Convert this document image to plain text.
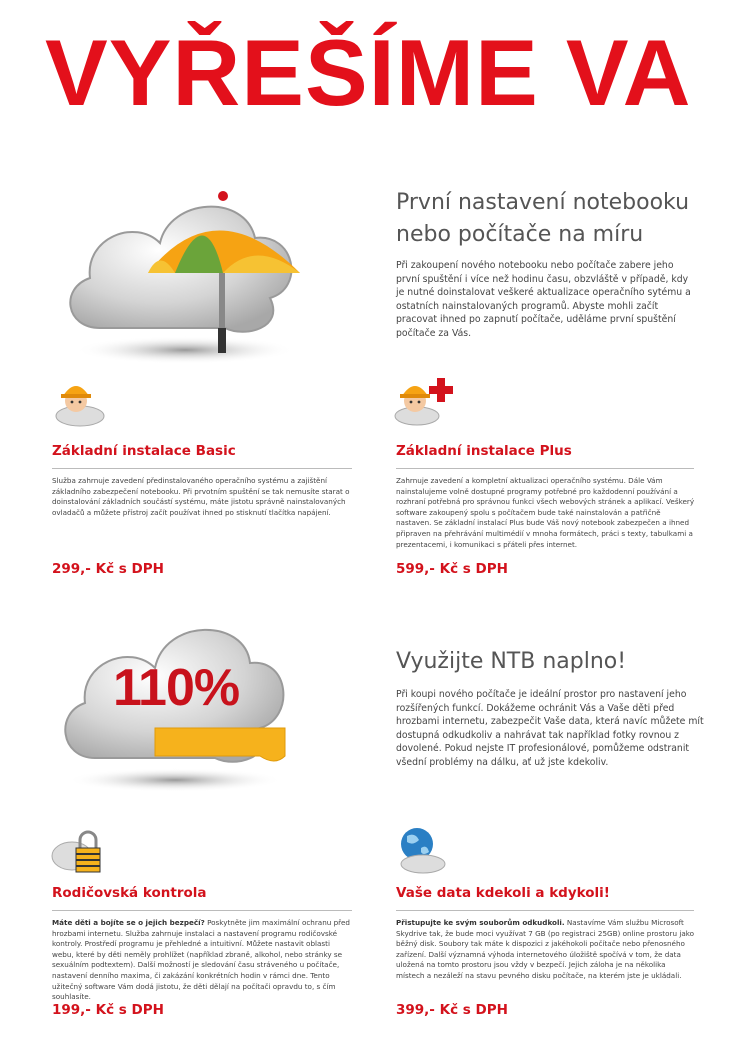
VYŘEŠÍME VA
První nastavení notebooku
nebo počítače na míru

Při zakoupení nového notebooku nebo počítače zabere jeho první spuštění i více než hodinu času, obzvláště v případě, kdy je nutné doinstalovat veškeré aktualizace operačního sytému a ostatních nainstalovaných programů. Abyste mohli začít pracovat ihned po zapnutí počítače, uděláme první spuštění počítače za Vás.

Základní instalace Basic

Služba zahrnuje zavedení předinstalovaného operačního systému a zajištění základního zabezpečení notebooku. Při prvotním spuštění se tak nemusíte starat o doinstalování základních součástí systému, máte jistotu správně nainstalovaných ovladačů a můžete přístroj začít používat ihned po stisknutí tlačítka napájení.

299,- Kč s DPH
Základní instalace Plus

Zahrnuje zavedení a kompletní aktualizaci operačního systému. Dále Vám nainstalujeme volně dostupné programy potřebné pro každodenní používání a rozhraní potřebná pro správnou funkci všech webových stránek a aplikací. Veškerý software zakoupený spolu s počítačem bude také nainstalován a patřičně nastaven. Se základní instalací Plus bude Váš nový notebook zabezpečen a ihned připraven na přehrávání multimédií v mnoha formátech, práci s texty, tabulkami a prezentacemi, i komunikaci s přáteli přes internet.

599,- Kč s DPH
110%	Využijte NTB naplno!

Při koupi nového počítače je ideální prostor pro nastavení jeho rozšířených funkcí. Dokážeme ochránit Vás a Vaše děti před hrozbami internetu, zabezpečit Vaše data, která navíc můžete mít dostupná odkudkoliv a nahrávat tak například fotky rovnou z dovolené. Pokud nejste IT profesionálové, pomůžeme odstranit všední problémy na dálku, ať už jste kdekoliv.

Rodičovská kontrola

Máte děti a bojíte se o jejich bezpečí? Poskytněte jim maximální ochranu před hrozbami internetu. Služba zahrnuje instalaci a nastavení programu rodičovské kontroly. Prostředí programu je přehledné a intuitivní. Můžete nastavit oblasti webu, které by děti neměly prohlížet (například zbraně, alkohol, nebo stránky se sexuálním podtextem). Další možností je sledování času stráveného u počítače, nastavení denního maxima, či zakázání konkrétních hodin v rámci dne. Tento užitečný software Vám dodá jistotu, že děti dělají na počítači opravdu to, s čím souhlasíte.

199,- Kč s DPH
Vaše data kdekoli a kdykoli!

Přistupujte ke svým souborům odkudkoli. Nastavíme Vám službu Microsoft Skydrive tak, že bude moci využívat 7 GB (po registraci 25GB) online prostoru jako běžný disk. Soubory tak máte k dispozici z jakéhokoli počítače nebo přenosného zařízení. Další významná výhoda internetového úložiště spočívá v tom, že data uložená na tomto prostoru jsou vždy v bezpečí. Jejich záloha je na několika místech a nezáleží na stavu pevného disku počítače, na kterém jste je ukládali.

399,- Kč s DPH
